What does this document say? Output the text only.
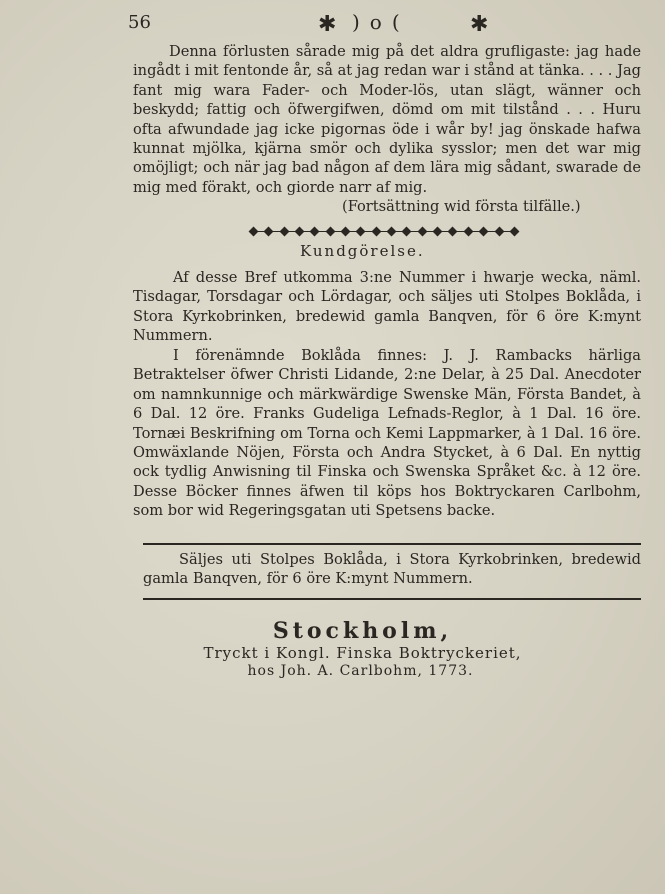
56	✱ )o(	✱
Denna förlusten sårade mig på det aldra grufligaste: jag hade ingådt i mit fentonde år, så at jag redan war i stånd at tänka. . . . Jag fant mig wara Fader- och Moder-lös, utan slägt, wänner och beskydd; fattig och öfwergifwen, dömd om mit tilstånd . . . Huru ofta afwundade jag icke pigornas öde i wår by! jag önskade hafwa kunnat mjölka, kjärna smör och dylika sysslor; men det war mig omöjligt; och när jag bad någon af dem lära mig sådant, swarade de mig med förakt, och giorde narr af mig.
(Fortsättning wid första tilfälle.)
Kundgörelse.
Af desse Bref utkomma 3:ne Nummer i hwarje wecka, näml. Tisdagar, Torsdagar och Lördagar, och säljes uti Stolpes Boklåda, i Stora Kyrkobrinken, bredewid gamla Banqven, för 6 öre K:mynt Nummern.
I förenämnde Boklåda finnes: J. J. Rambacks härliga Betraktelser öfwer Christi Lidande, 2:ne Delar, à 25 Dal. Anecdoter om namnkunnige och märkwärdige Swenske Män, Första Bandet, à 6 Dal. 12 öre. Franks Gudeliga Lefnads-Reglor, à 1 Dal. 16 öre. Tornæi Beskrifning om Torna och Kemi Lappmarker, à 1 Dal. 16 öre. Omwäxlande Nöjen, Första och Andra Stycket, à 6 Dal. En nyttig ock tydlig Anwisning til Finska och Swenska Språket &c. à 12 öre. Desse Böcker finnes äfwen til köps hos Boktryckaren Carlbohm, som bor wid Regeringsgatan uti Spetsens backe.
Säljes uti Stolpes Boklåda, i Stora Kyrkobrinken, bredewid gamla Banqven, för 6 öre K:mynt Nummern.
Stockholm,
Tryckt i Kongl. Finska Boktryckeriet,
hos Joh. A. Carlbohm, 1773.
